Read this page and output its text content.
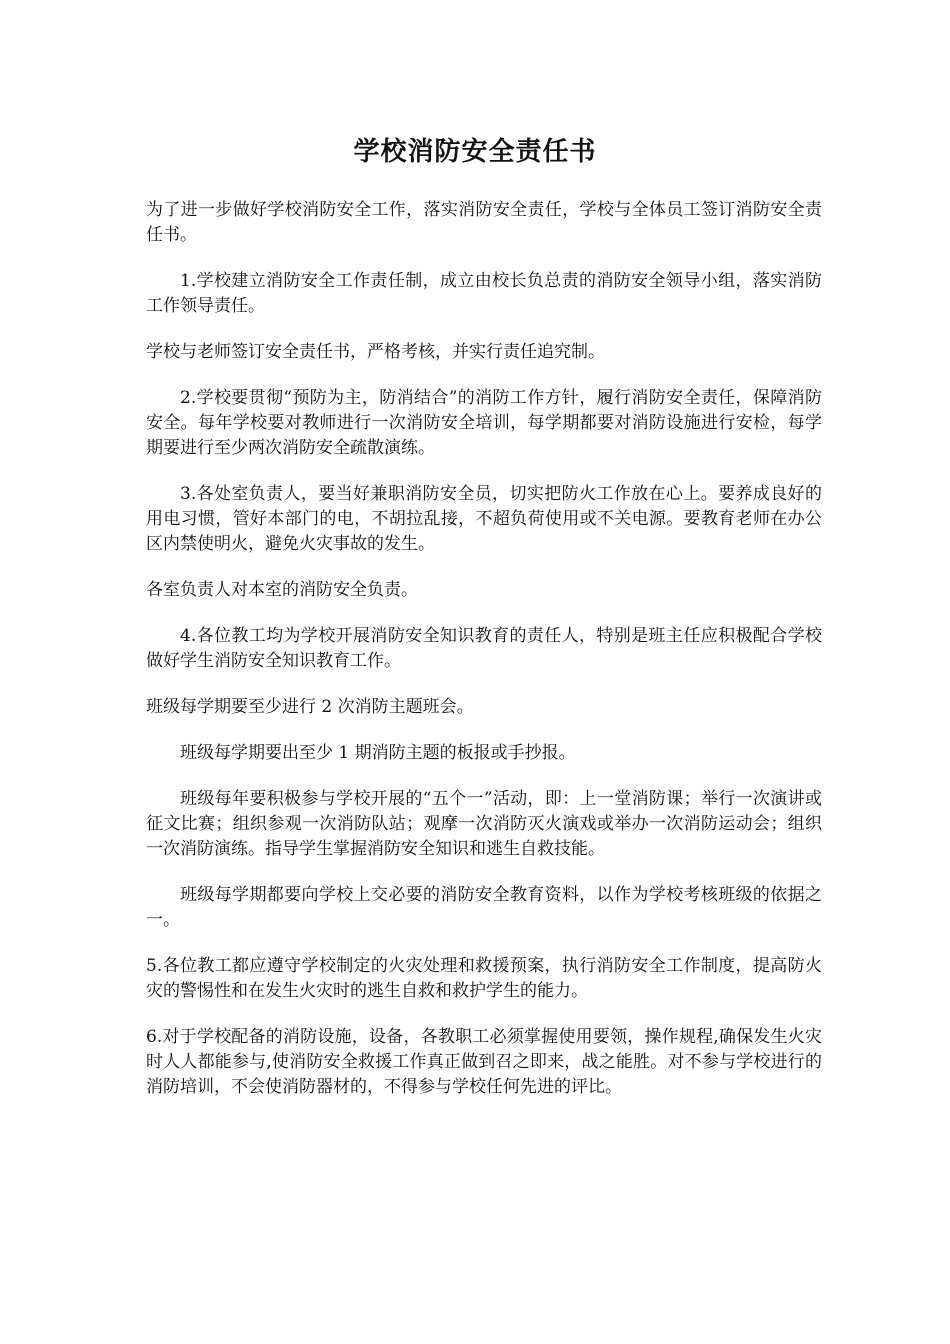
学校消防安全责任书

为了进一步做好学校消防安全工作，落实消防安全责任，学校与全体员工签订消防安全责任书。

1.学校建立消防安全工作责任制，成立由校长负总责的消防安全领导小组，落实消防工作领导责任。

学校与老师签订安全责任书，严格考核，并实行责任追究制。

2.学校要贯彻“预防为主，防消结合”的消防工作方针，履行消防安全责任，保障消防安全。每年学校要对教师进行一次消防安全培训，每学期都要对消防设施进行安检，每学期要进行至少两次消防安全疏散演练。

3.各处室负责人，要当好兼职消防安全员，切实把防火工作放在心上。要养成良好的用电习惯，管好本部门的电，不胡拉乱接，不超负荷使用或不关电源。要教育老师在办公区内禁使明火，避免火灾事故的发生。

各室负责人对本室的消防安全负责。

4.各位教工均为学校开展消防安全知识教育的责任人，特别是班主任应积极配合学校做好学生消防安全知识教育工作。

班级每学期要至少进行 2 次消防主题班会。

班级每学期要出至少 1 期消防主题的板报或手抄报。

班级每年要积极参与学校开展的“五个一”活动，即：上一堂消防课；举行一次演讲或征文比赛；组织参观一次消防队站；观摩一次消防灭火演戏或举办一次消防运动会；组织一次消防演练。指导学生掌握消防安全知识和逃生自救技能。

班级每学期都要向学校上交必要的消防安全教育资料，以作为学校考核班级的依据之一。

5.各位教工都应遵守学校制定的火灾处理和救援预案，执行消防安全工作制度，提高防火灾的警惕性和在发生火灾时的逃生自救和救护学生的能力。

6.对于学校配备的消防设施，设备，各教职工必须掌握使用要领，操作规程,确保发生火灾时人人都能参与,使消防安全救援工作真正做到召之即来，战之能胜。对不参与学校进行的消防培训，不会使消防器材的，不得参与学校任何先进的评比。
